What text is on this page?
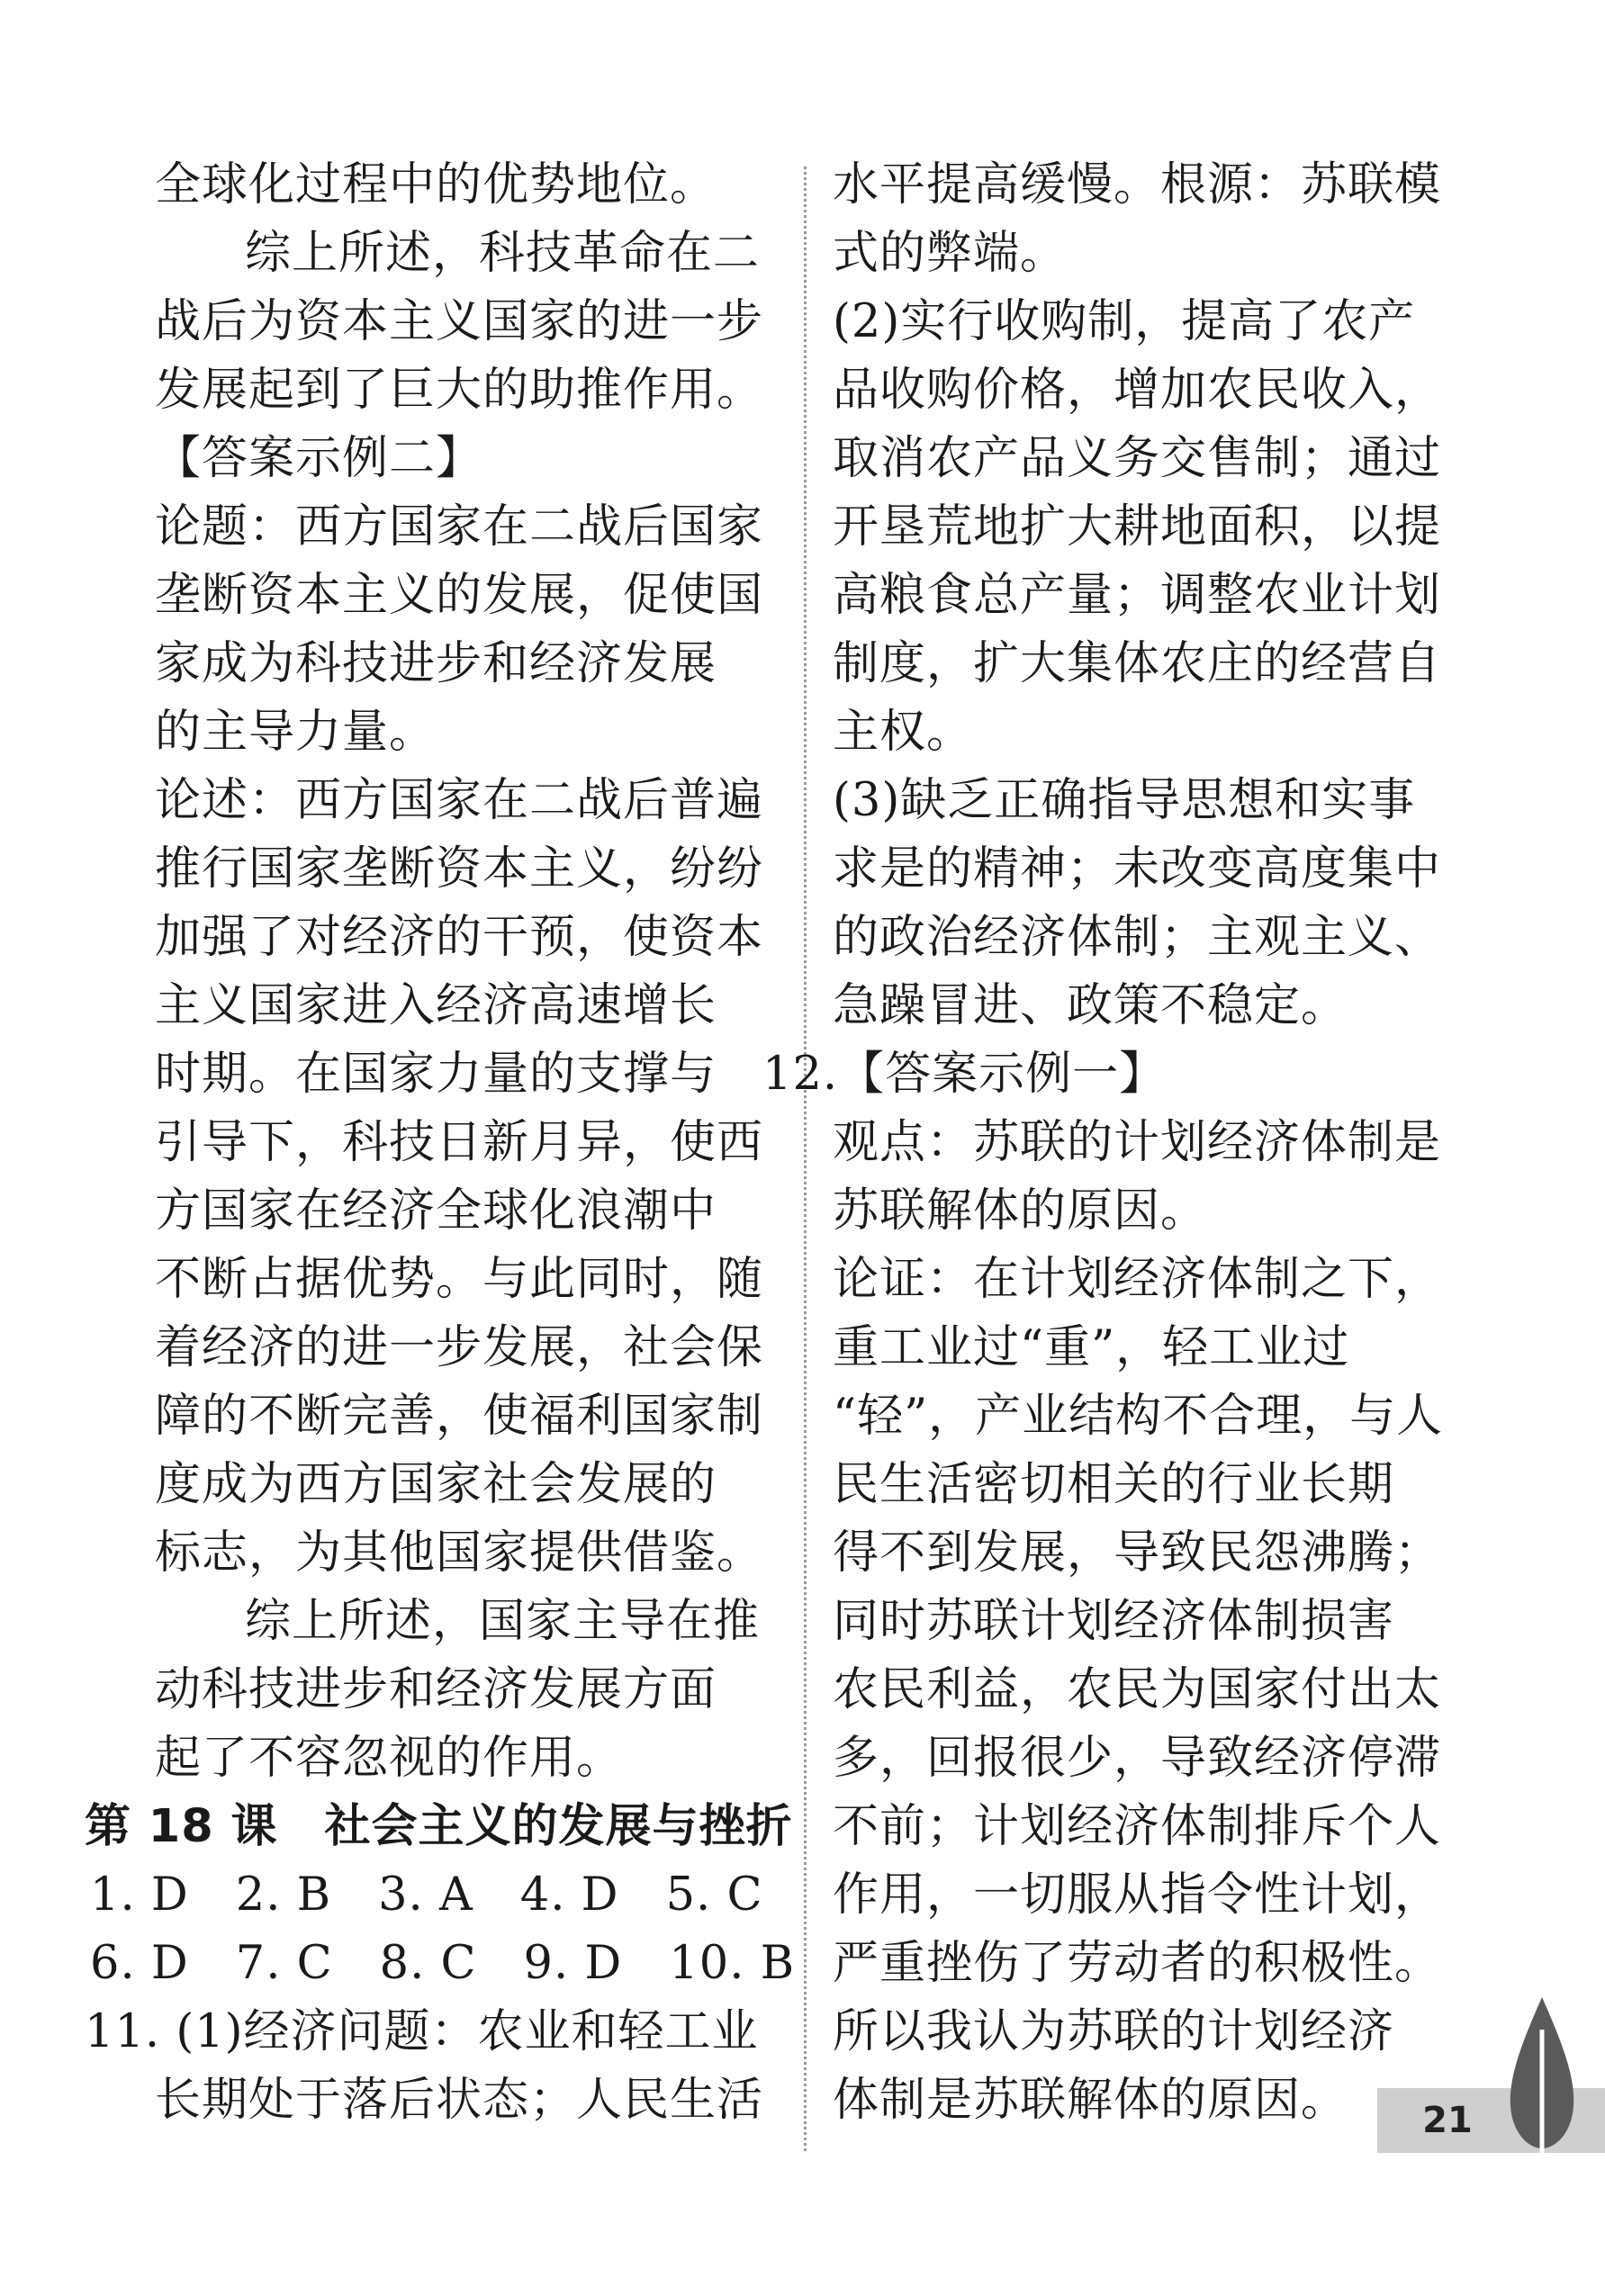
全球化过程中的优势地位。
综上所述，科技革命在二
战后为资本主义国家的进一步
发展起到了巨大的助推作用。
【答案示例二】
论题：西方国家在二战后国家
垄断资本主义的发展，促使国
家成为科技进步和经济发展
的主导力量。
论述：西方国家在二战后普遍
推行国家垄断资本主义，纷纷
加强了对经济的干预，使资本
主义国家进入经济高速增长
时期。在国家力量的支撑与
引导下，科技日新月异，使西
方国家在经济全球化浪潮中
不断占据优势。与此同时，随
着经济的进一步发展，社会保
障的不断完善，使福利国家制
度成为西方国家社会发展的
标志，为其他国家提供借鉴。
综上所述，国家主导在推
动科技进步和经济发展方面
起了不容忽视的作用。
第 18 课　社会主义的发展与挫折
1. D　2. B　3. A　4. D　5. C
6. D　7. C　8. C　9. D　10. B
11. (1)经济问题：农业和轻工业
长期处于落后状态；人民生活
水平提高缓慢。根源：苏联模
式的弊端。
(2)实行收购制，提高了农产
品收购价格，增加农民收入，
取消农产品义务交售制；通过
开垦荒地扩大耕地面积，以提
高粮食总产量；调整农业计划
制度，扩大集体农庄的经营自
主权。
(3)缺乏正确指导思想和实事
求是的精神；未改变高度集中
的政治经济体制；主观主义、
急躁冒进、政策不稳定。
12.【答案示例一】
观点：苏联的计划经济体制是
苏联解体的原因。
论证：在计划经济体制之下，
重工业过“重”，轻工业过
“轻”，产业结构不合理，与人
民生活密切相关的行业长期
得不到发展，导致民怨沸腾；
同时苏联计划经济体制损害
农民利益，农民为国家付出太
多，回报很少，导致经济停滞
不前；计划经济体制排斥个人
作用，一切服从指令性计划，
严重挫伤了劳动者的积极性。
所以我认为苏联的计划经济
体制是苏联解体的原因。	21
